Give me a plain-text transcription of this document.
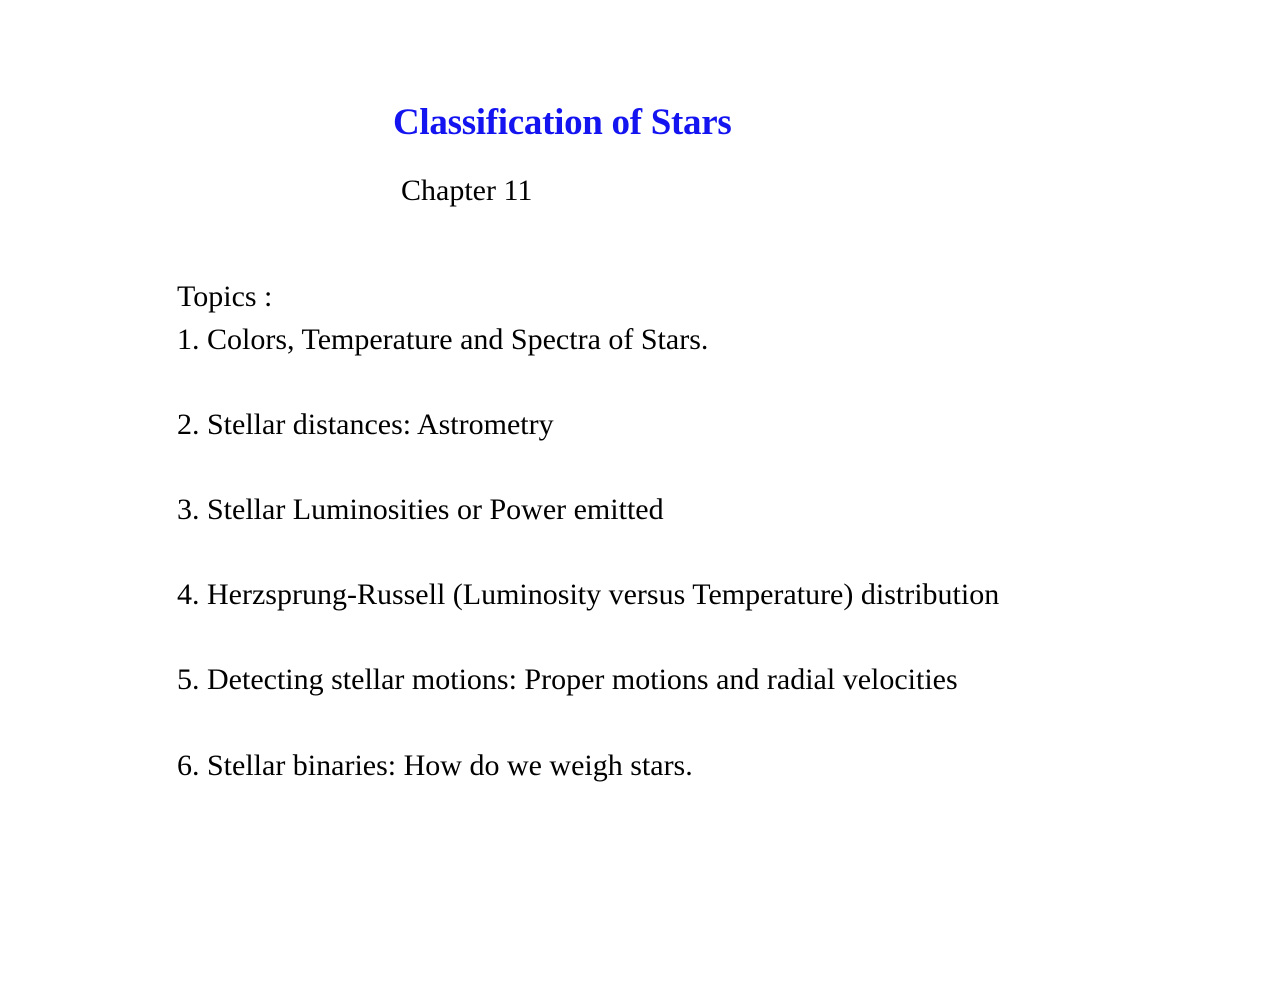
Classification of Stars

Chapter 11

Topics :

1. Colors, Temperature and Spectra of Stars.

2. Stellar distances: Astrometry

3. Stellar Luminosities or Power emitted

4. Herzsprung-Russell (Luminosity versus Temperature) distribution

5. Detecting stellar motions: Proper motions and radial velocities

6. Stellar binaries: How do we weigh stars.
